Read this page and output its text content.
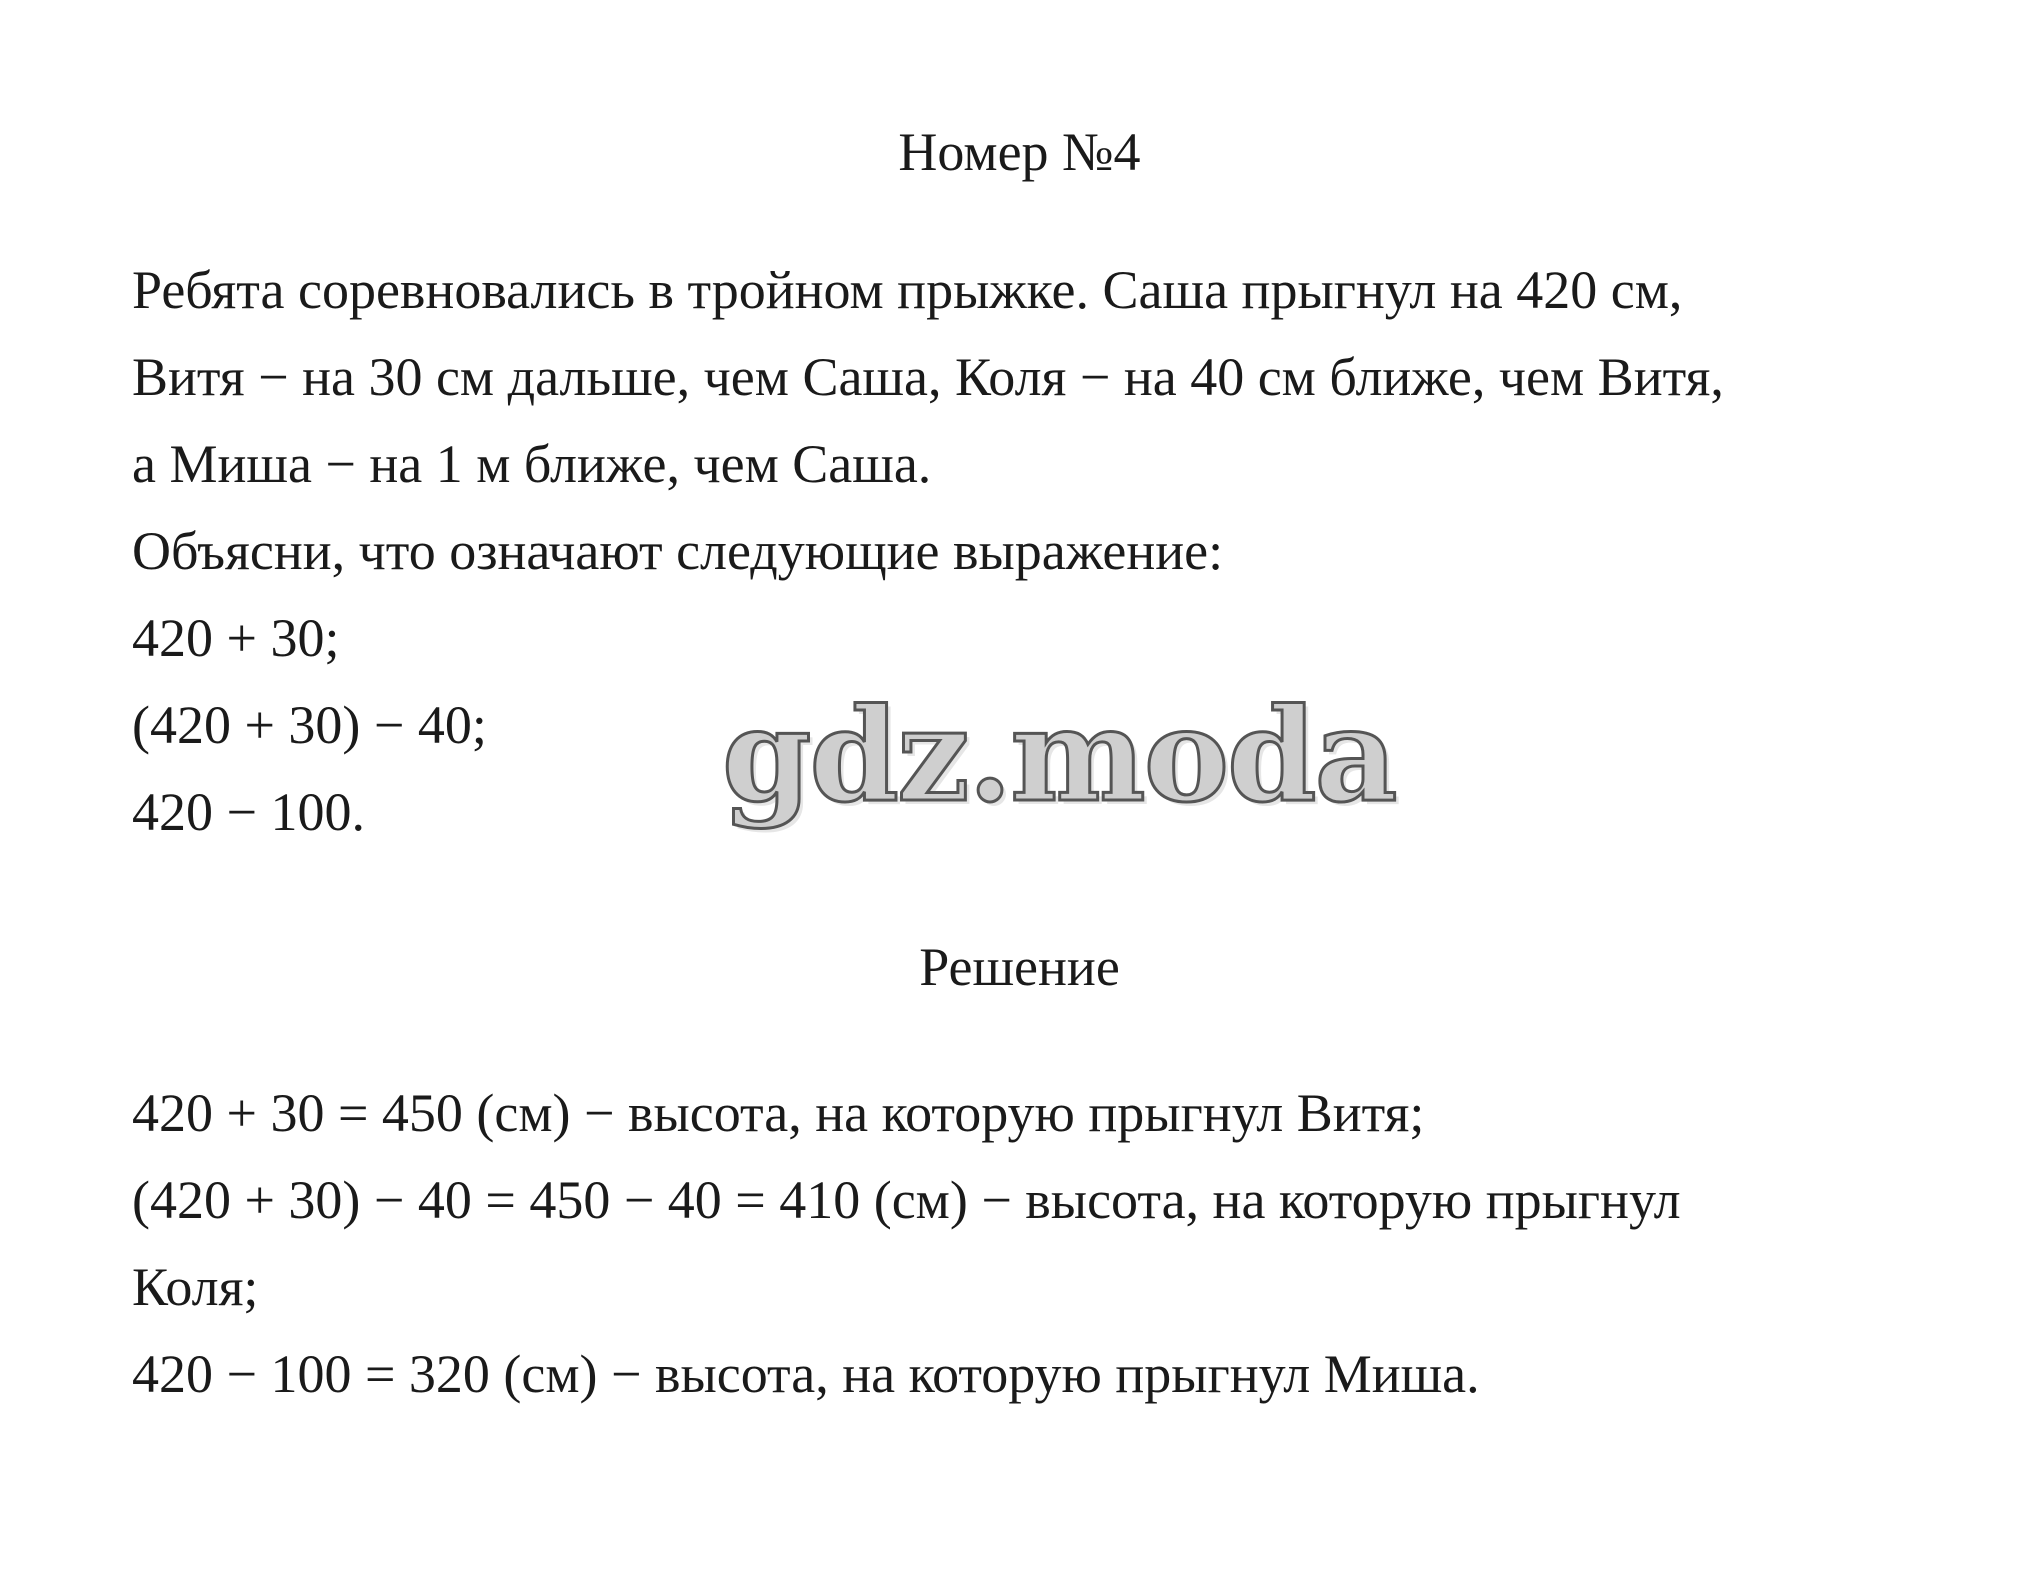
Номер №4
Ребята соревновались в тройном прыжке. Саша прыгнул на 420 см,
Витя − на 30 см дальше, чем Саша, Коля − на 40 см ближе, чем Витя,
а Миша − на 1 м ближе, чем Саша.
Объясни, что означают следующие выражение:
420 + 30;
(420 + 30) − 40;
420 − 100.	gdz.moda
Решение
420 + 30 = 450 (см) − высота, на которую прыгнул Витя;
(420 + 30) − 40 = 450 − 40 = 410 (см) − высота, на которую прыгнул
Коля;
420 − 100 = 320 (см) − высота, на которую прыгнул Миша.
